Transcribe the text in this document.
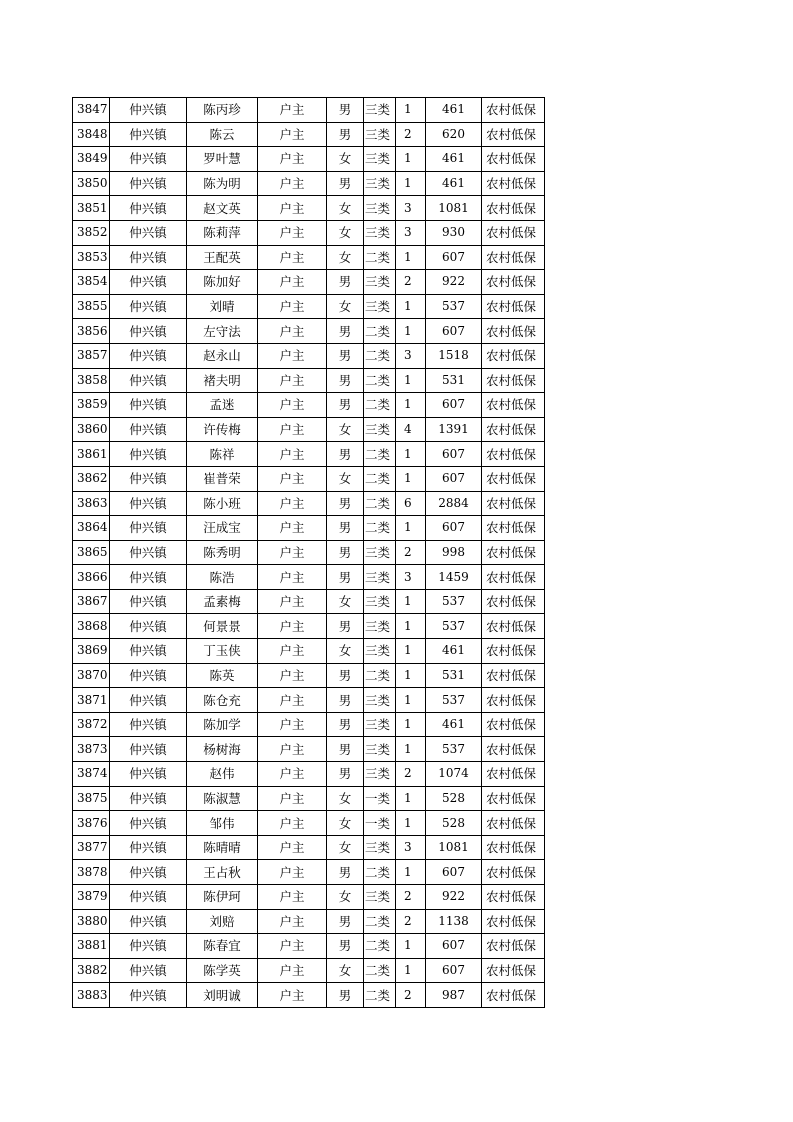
3847	仲兴镇	陈丙珍	户主	男	三类	1	461	农村低保
3848	仲兴镇	陈云	户主	男	三类	2	620	农村低保
3849	仲兴镇	罗叶慧	户主	女	三类	1	461	农村低保
3850	仲兴镇	陈为明	户主	男	三类	1	461	农村低保
3851	仲兴镇	赵文英	户主	女	三类	3	1081	农村低保
3852	仲兴镇	陈莉萍	户主	女	三类	3	930	农村低保
3853	仲兴镇	王配英	户主	女	二类	1	607	农村低保
3854	仲兴镇	陈加好	户主	男	三类	2	922	农村低保
3855	仲兴镇	刘晴	户主	女	三类	1	537	农村低保
3856	仲兴镇	左守法	户主	男	二类	1	607	农村低保
3857	仲兴镇	赵永山	户主	男	二类	3	1518	农村低保
3858	仲兴镇	褚夫明	户主	男	二类	1	531	农村低保
3859	仲兴镇	孟迷	户主	男	二类	1	607	农村低保
3860	仲兴镇	许传梅	户主	女	三类	4	1391	农村低保
3861	仲兴镇	陈祥	户主	男	二类	1	607	农村低保
3862	仲兴镇	崔普荣	户主	女	二类	1	607	农村低保
3863	仲兴镇	陈小班	户主	男	二类	6	2884	农村低保
3864	仲兴镇	汪成宝	户主	男	二类	1	607	农村低保
3865	仲兴镇	陈秀明	户主	男	三类	2	998	农村低保
3866	仲兴镇	陈浩	户主	男	三类	3	1459	农村低保
3867	仲兴镇	孟素梅	户主	女	三类	1	537	农村低保
3868	仲兴镇	何景景	户主	男	三类	1	537	农村低保
3869	仲兴镇	丁玉侠	户主	女	三类	1	461	农村低保
3870	仲兴镇	陈英	户主	男	二类	1	531	农村低保
3871	仲兴镇	陈仓充	户主	男	三类	1	537	农村低保
3872	仲兴镇	陈加学	户主	男	三类	1	461	农村低保
3873	仲兴镇	杨树海	户主	男	三类	1	537	农村低保
3874	仲兴镇	赵伟	户主	男	三类	2	1074	农村低保
3875	仲兴镇	陈淑慧	户主	女	一类	1	528	农村低保
3876	仲兴镇	邹伟	户主	女	一类	1	528	农村低保
3877	仲兴镇	陈晴晴	户主	女	三类	3	1081	农村低保
3878	仲兴镇	王占秋	户主	男	二类	1	607	农村低保
3879	仲兴镇	陈伊珂	户主	女	三类	2	922	农村低保
3880	仲兴镇	刘赔	户主	男	二类	2	1138	农村低保
3881	仲兴镇	陈春宜	户主	男	二类	1	607	农村低保
3882	仲兴镇	陈学英	户主	女	二类	1	607	农村低保
3883	仲兴镇	刘明诚	户主	男	二类	2	987	农村低保
